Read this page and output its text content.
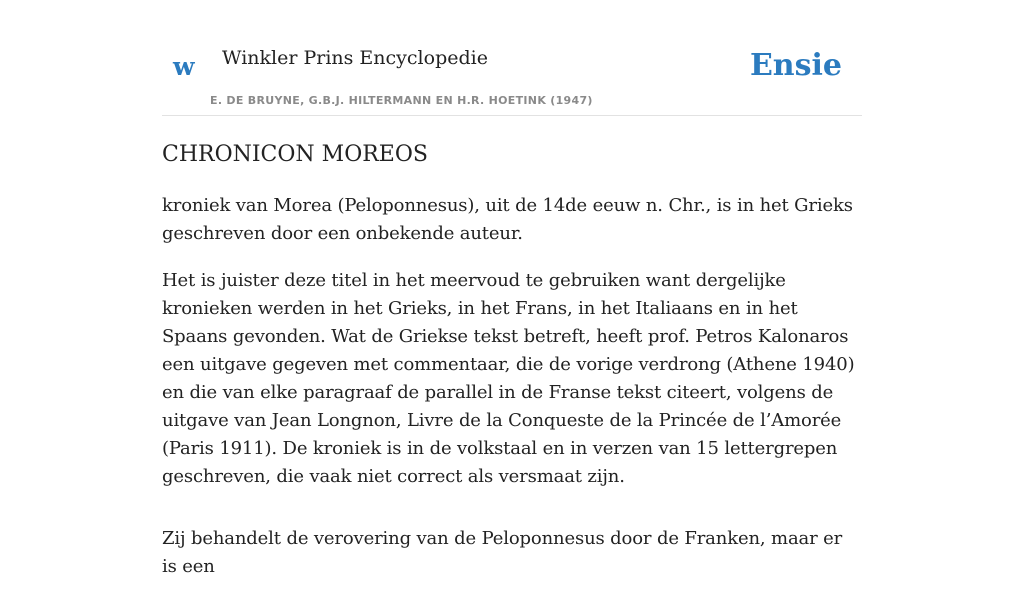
w Winkler Prins Encyclopedie
E. DE BRUYNE, G.B.J. HILTERMANN EN H.R. HOETINK (1947)
Ensie
CHRONICON MOREOS

kroniek van Morea (Peloponnesus), uit de 14de eeuw n. Chr., is in het Grieks geschreven door een onbekende auteur.

Het is juister deze titel in het meervoud te gebruiken want dergelijke kronieken werden in het Grieks, in het Frans, in het Italiaans en in het Spaans gevonden. Wat de Griekse tekst betreft, heeft prof. Petros Kalonaros een uitgave gegeven met commentaar, die de vorige verdrong (Athene 1940) en die van elke paragraaf de parallel in de Franse tekst citeert, volgens de uitgave van Jean Longnon, Livre de la Conqueste de la Princée de l’Amorée (Paris 1911). De kroniek is in de volkstaal en in verzen van 15 lettergrepen geschreven, die vaak niet correct als versmaat zijn.

Zij behandelt de verovering van de Peloponnesus door de Franken, maar er is een
